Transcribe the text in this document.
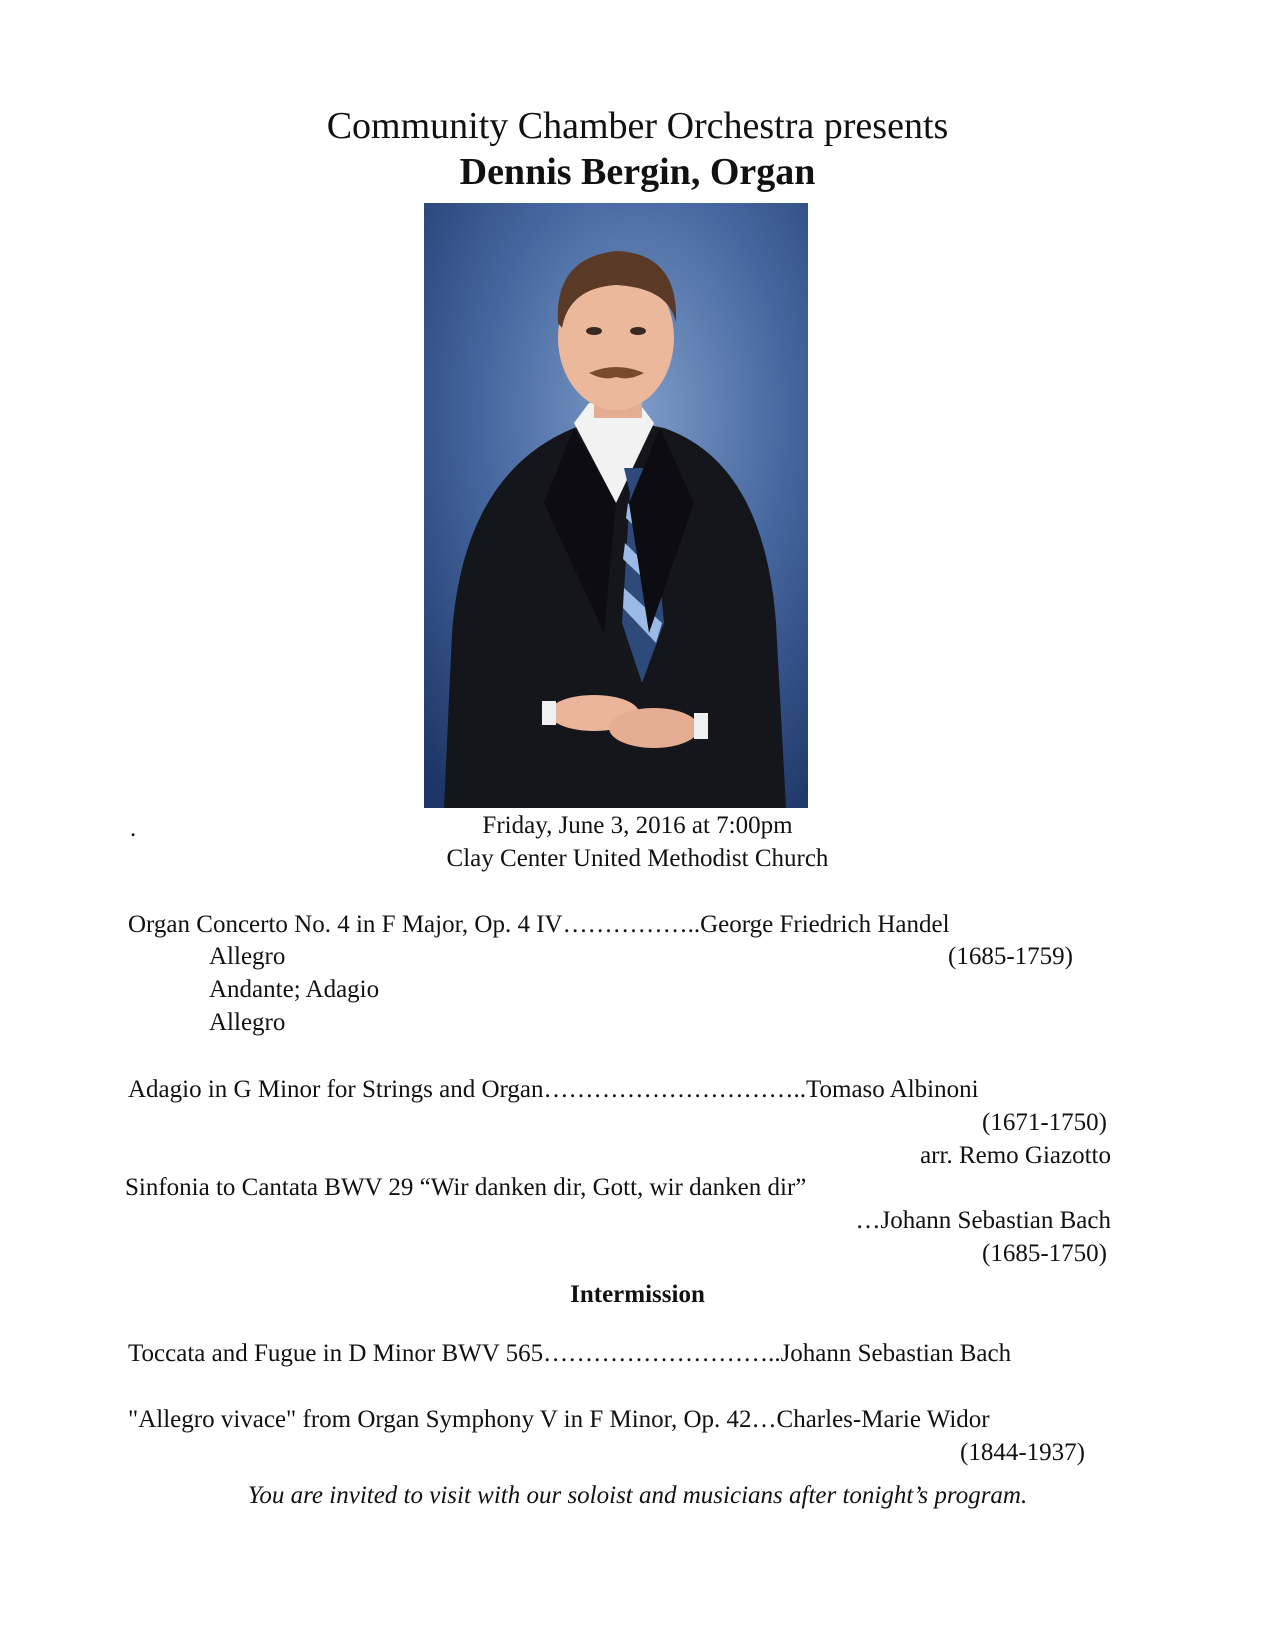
Community Chamber Orchestra presents
Dennis Bergin, Organ
.	Friday, June 3, 2016 at 7:00pm
Clay Center United Methodist Church
Organ Concerto No. 4 in F Major, Op. 4 IV……………..George Friedrich Handel
Allegro	(1685-1759)
Andante; Adagio
Allegro
Adagio in G Minor for Strings and Organ…………………………..Tomaso Albinoni
(1671-1750)
arr. Remo Giazotto
Sinfonia to Cantata BWV 29 “Wir danken dir, Gott, wir danken dir”
…Johann Sebastian Bach
(1685-1750)
Intermission
Toccata and Fugue in D Minor BWV 565………………………..Johann Sebastian Bach
"Allegro vivace" from Organ Symphony V in F Minor, Op. 42…Charles-Marie Widor
(1844-1937)
You are invited to visit with our soloist and musicians after tonight’s program.
